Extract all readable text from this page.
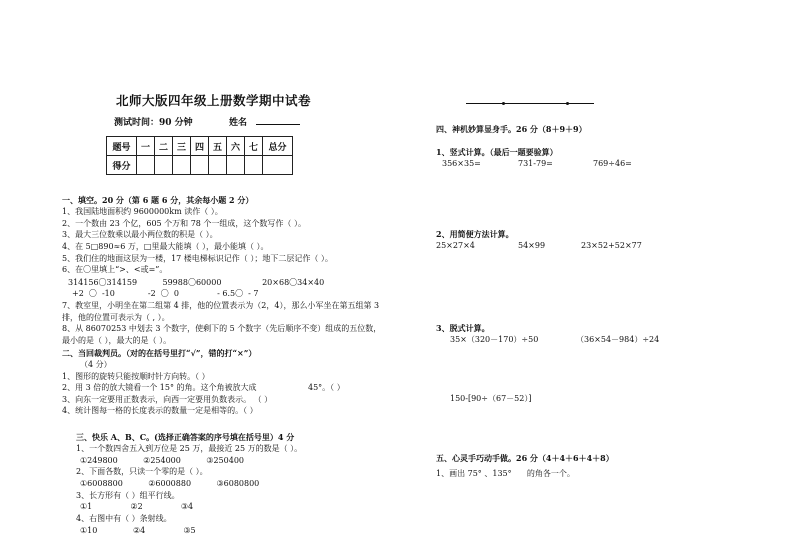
北师大版四年级上册数学期中试卷
测试时间：90 分钟	姓名
题号	一	二	三	四	五	六	七	总分
得分								
一、填空。20 分（第 6 题 6 分，其余每小题 2 分）
1、我国陆地面积约 9600000km 读作（ ）。
2、一个数由 23 个亿，605 个万和 78 个一组成，这个数写作（ ）。
3、最大三位数乘以最小两位数的积是（ ）。
4、在 5□890≈6 万，□里最大能填（ ），最小能填（ ）。
5、我们住的地面这层为一楼，17 楼电梯标识记作（ ）；地下二层记作（ ）。
6、在〇里填上“>、<或=”。
314156〇314159          59988〇60000                20×68〇34×40
+2  〇  -10             -2  〇  0               - 6.5〇  - 7
7、教室里，小明坐在第二组第 4 排，他的位置表示为（2，4），那么小军坐在第五组第 3
排，他的位置可表示为（ , ）。
8、从 86070253 中划去 3 个数字，使剩下的 5 个数字（先后顺序不变）组成的五位数，
最小的是（ ），最大的是（ ）。
二、当回裁判员。（对的在括号里打“√”，错的打“×”）
（4 分）
1、图形的旋转只能按顺时针方向转。（ ）
2、用 3 倍的放大镜看一个 15° 的角。这个角被放大成	45°。（ ）
3、向东一定要用正数表示，向西一定要用负数表示。 （ ）
4、统计图每一格的长度表示的数量一定是相等的。（ ）
三、快乐 A、B、C。(选择正确答案的序号填在括号里）4 分
1、一个数四舍五入到万位是 25 万，最接近 25 万的数是（ ）。
①249800          ②254000          ③250400
2、下面各数，只读一个零的是（ ）。
①6008800          ②6000880          ③6080800
3、长方形有（ ）组平行线。
①1               ②2               ③4
4、右图中有（ ）条射线。
①10              ②4               ③5
四、神机妙算显身手。26 分（8＋9＋9）
1、竖式计算。（最后一题要验算）
356×35=	731-79=	769÷46=
2、用简便方法计算。
25×27×4	54×99	23×52+52×77
3、脱式计算。
35×（320－170）÷50	（36×54－984）÷24
150-[90÷（67－52）]
五、心灵手巧动手做。26 分（4＋4＋6＋4＋8）
1、画出 75° 、135°      的角各一个。
